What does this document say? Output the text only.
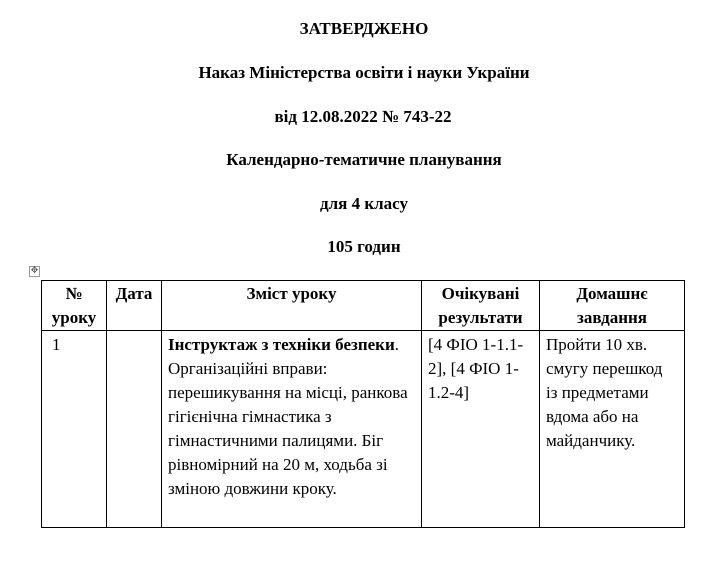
ЗАТВЕРДЖЕНО
Наказ Міністерства освіти і науки України
від 12.08.2022 № 743-22
Календарно-тематичне планування
для 4 класу
105 годин
✥
№ уроку	Дата	Зміст уроку	Очікувані результати	Домашнє завдання

1		Інструктаж з техніки безпеки. Організаційні вправи: перешикування на місці, ранкова гігієнічна гімнастика з гімнастичними палицями. Біг рівномірний на 20 м, ходьба зі зміною довжини кроку.	[4 ФІО 1-1.1-2], [4 ФІО 1-1.2-4]	Пройти 10 хв. смугу перешкод із предметами вдома або на майданчику.
